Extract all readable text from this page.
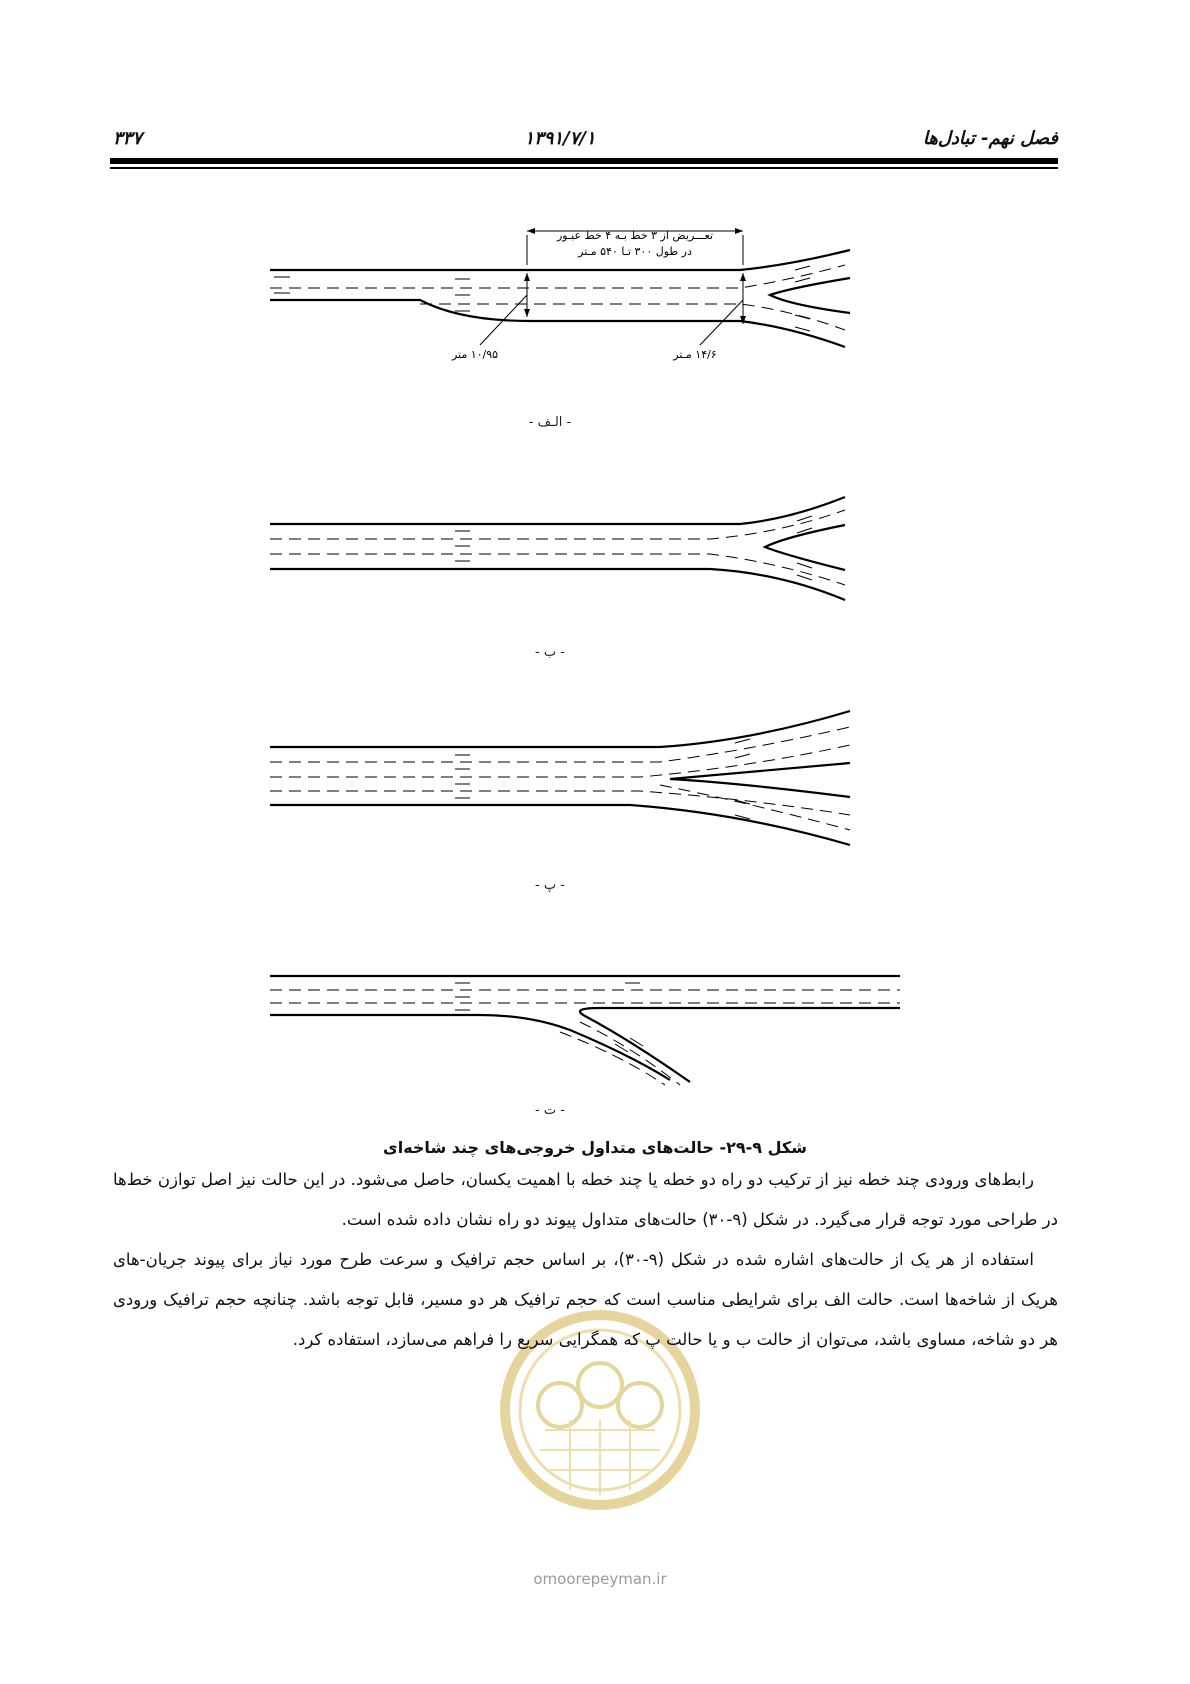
۳۳۷	۱۳۹۱/۷/۱	فصل نهم- تبادل‌ها
تعـــریض از ۳ خط بـه ۴ خط عبـور
در طول ۳۰۰ تـا ۵۴۰ مـتر
۱۰/۹۵ متر	۱۴/۶ مـتر
- الـف -
- ب -
- پ -
- ت -
شکل ۹-۲۹- حالت‌های متداول خروجی‌های چند شاخه‌ای
omoorepeyman.ir

رابط‌های ورودی چند خطه نیز از ترکیب دو راه دو خطه یا چند خطه با اهمیت یکسان، حاصل می‌شود. در این حالت نیز اصل توازن خط‌ها در طراحی مورد توجه قرار می‌گیرد. در شکل (۹-۳۰) حالت‌های متداول پیوند دو راه نشان داده شده است.

استفاده از هر یک از حالت‌های اشاره شده در شکل (۹-۳۰)، بر اساس حجم ترافیک و سرعت طرح مورد نیاز برای پیوند جریان-های هریک از شاخه‌ها است. حالت الف برای شرایطی مناسب است که حجم ترافیک هر دو مسیر، قابل توجه باشد. چنانچه حجم ترافیک ورودی هر دو شاخه، مساوی باشد، می‌توان از حالت ب و یا حالت پ که همگرایی سریع را فراهم می‌سازد، استفاده کرد.
